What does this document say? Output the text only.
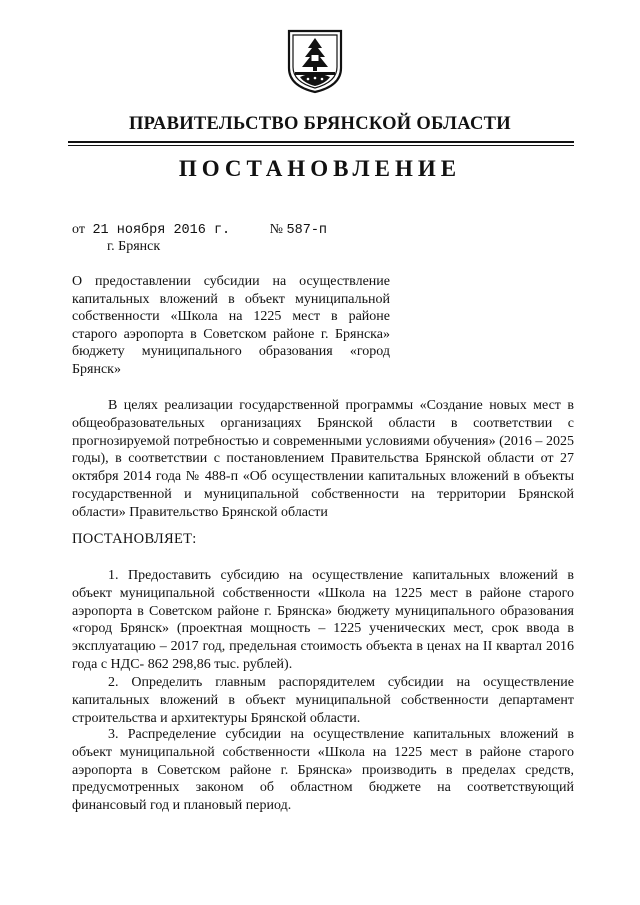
ПРАВИТЕЛЬСТВО БРЯНСКОЙ ОБЛАСТИ
ПОСТАНОВЛЕНИЕ
от 21 ноября 2016 г.	№ 587-п
г. Брянск
О предоставлении субсидии на осуществление капитальных вложений в объект муниципальной собственности «Школа на 1225 мест в районе старого аэропорта в Советском районе г. Брянска» бюджету муниципального образования «город Брянск»
В целях реализации государственной программы «Создание новых мест в общеобразовательных организациях Брянской области в соответствии с прогнозируемой потребностью и современными условиями обучения» (2016 – 2025 годы), в соответствии с постановлением Правительства Брянской области от 27 октября 2014 года № 488-п «Об осуществлении капитальных вложений в объекты государственной и муниципальной собственности на территории Брянской области» Правительство Брянской области
ПОСТАНОВЛЯЕТ:
1. Предоставить субсидию на осуществление капитальных вложений в объект муниципальной собственности «Школа на 1225 мест в районе старого аэропорта в Советском районе г. Брянска» бюджету муниципального образования «город Брянск» (проектная мощность – 1225 ученических мест, срок ввода в эксплуатацию – 2017 год, предельная стоимость объекта в ценах на II квартал 2016 года с НДС- 862 298,86 тыс. рублей).
2. Определить главным распорядителем субсидии на осуществление капитальных вложений в объект муниципальной собственности департамент строительства и архитектуры Брянской области.
3. Распределение субсидии на осуществление капитальных вложений в объект муниципальной собственности «Школа на 1225 мест в районе старого аэропорта в Советском районе г. Брянска» производить в пределах средств, предусмотренных законом об областном бюджете на соответствующий финансовый год и плановый период.
